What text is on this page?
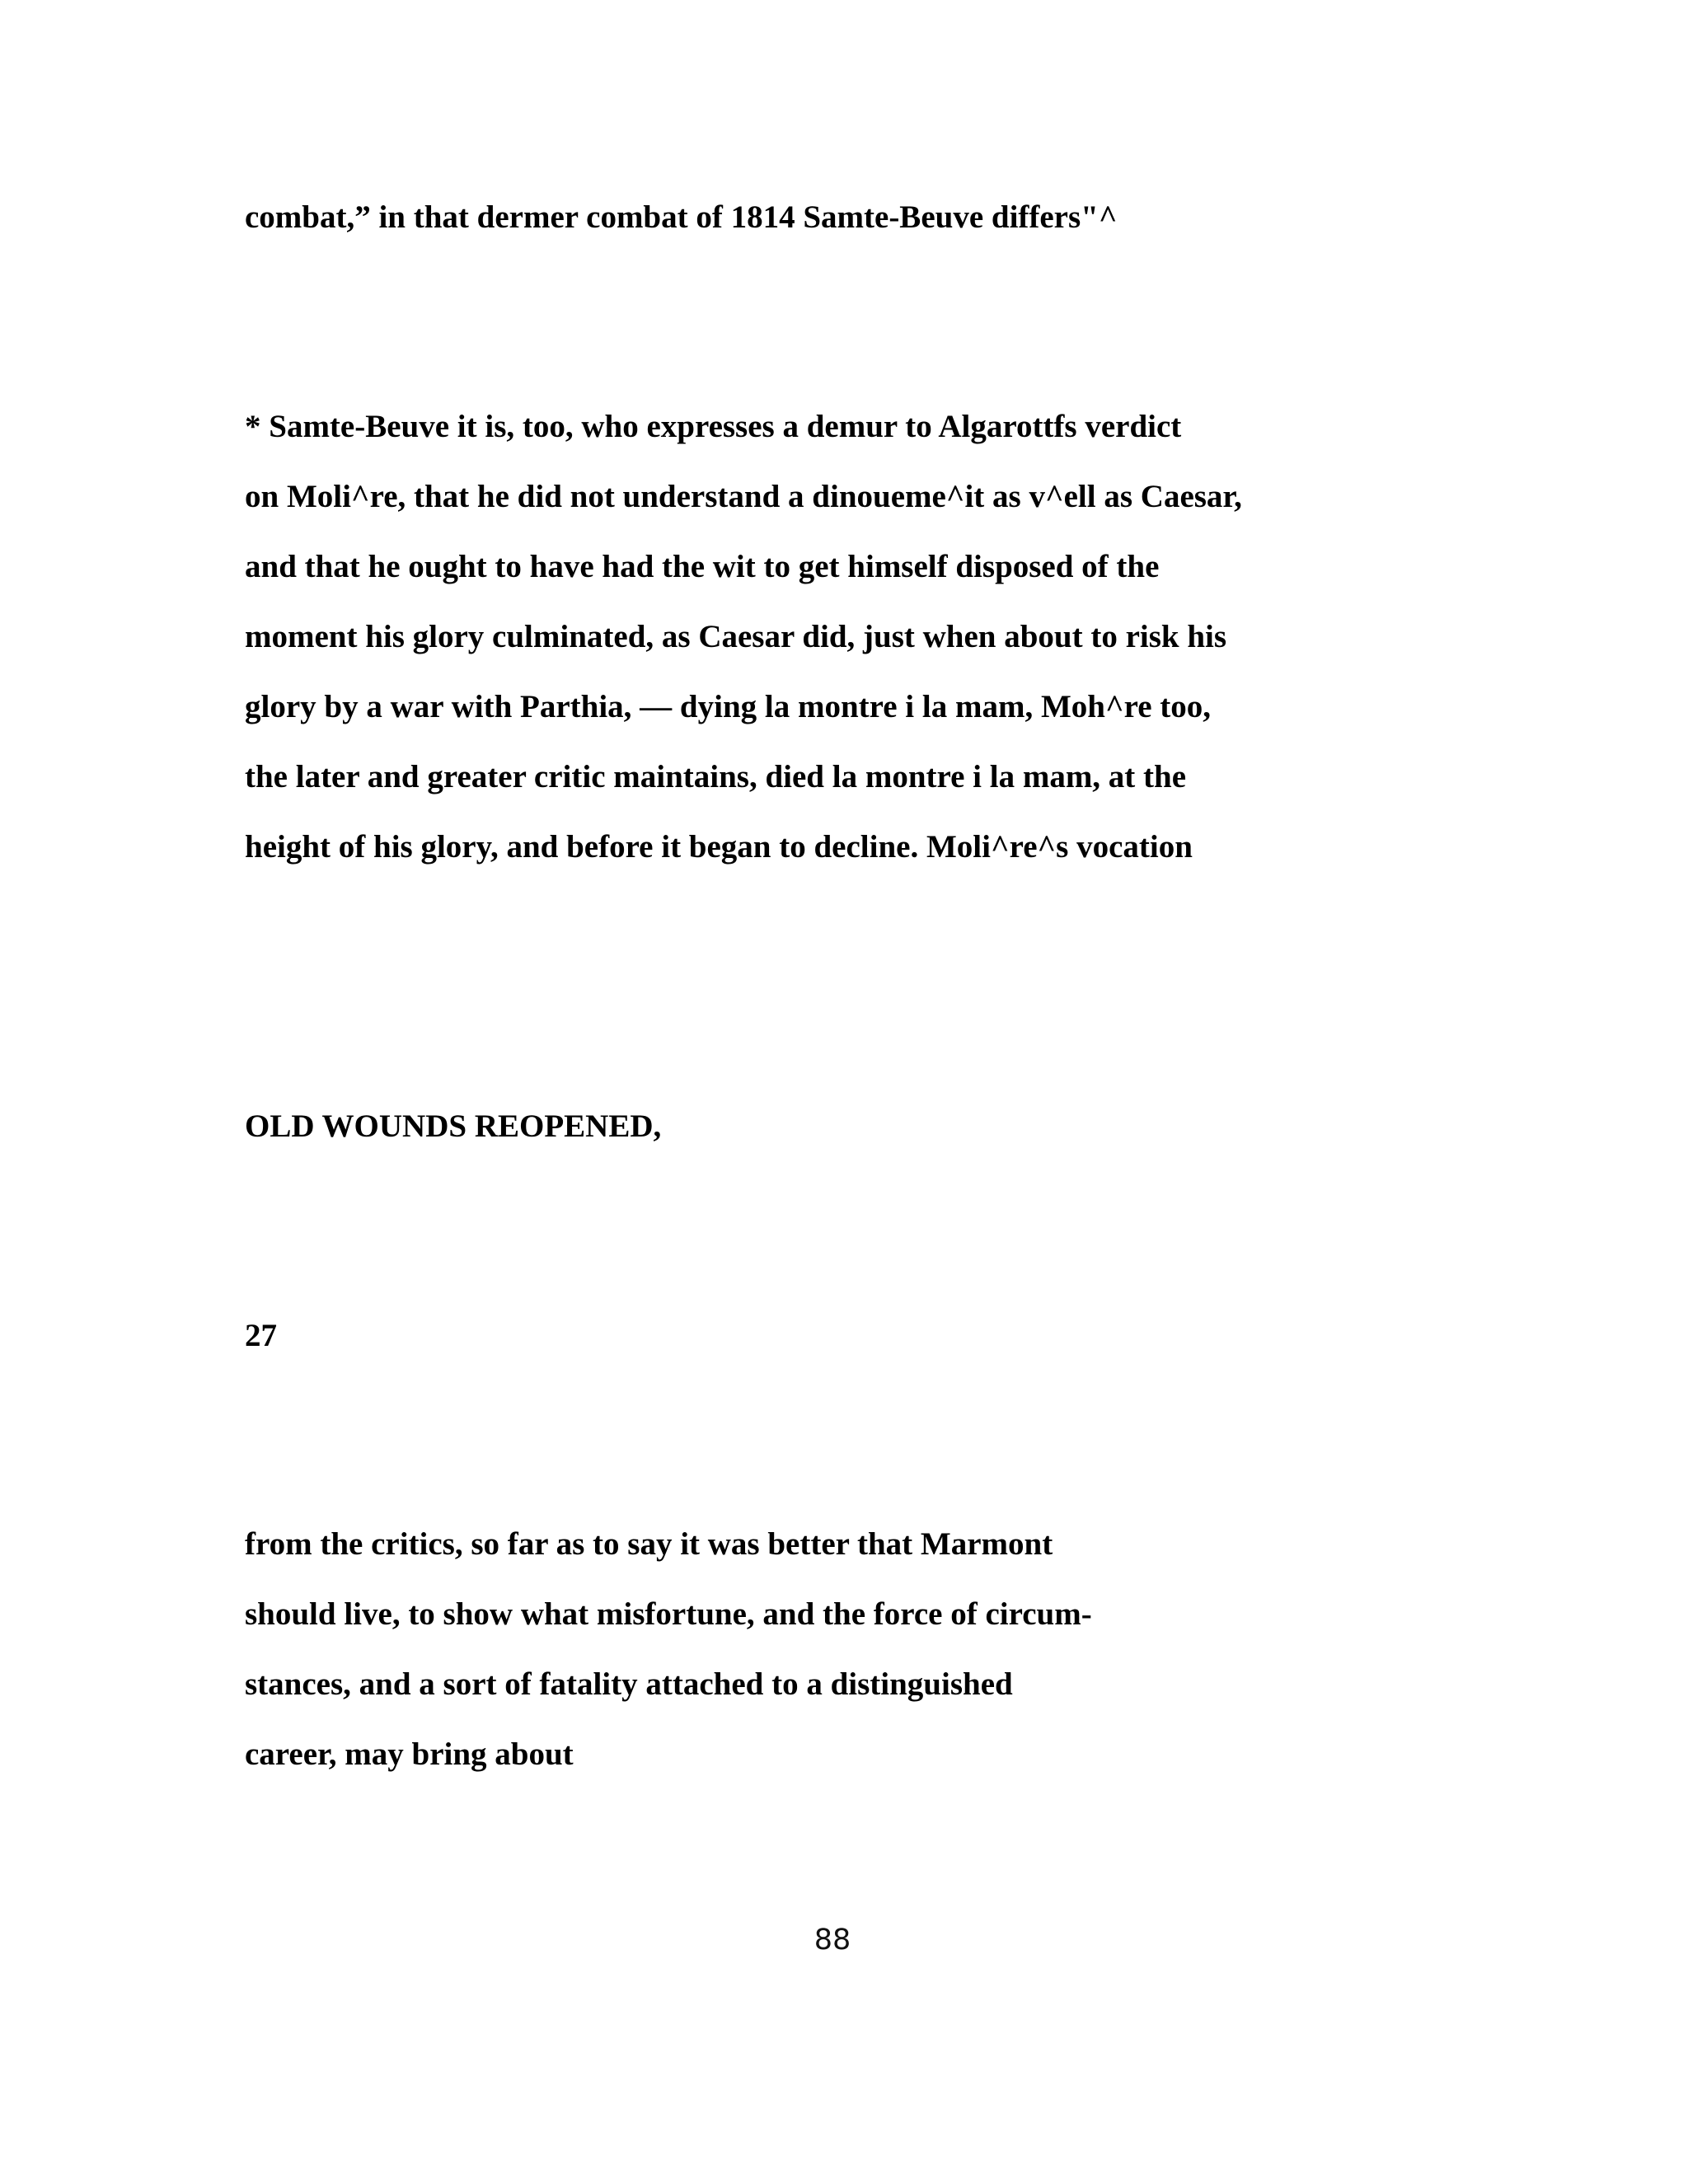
combat,” in that dermer combat of 1814 Samte-Beuve differs"^
* Samte-Beuve it is, too, who expresses a demur to Algarottfs verdict
on Moli^re, that he did not understand a dinoueme^it as v^ell as Caesar,
and that he ought to have had the wit to get himself disposed of the
moment his glory culminated, as Caesar did, just when about to risk his
glory by a war with Parthia, — dying la montre i la mam, Moh^re too,
the later and greater critic maintains, died la montre i la mam, at the
height of his glory, and before it began to decline. Moli^re^s vocation
OLD WOUNDS REOPENED,
27
from the critics, so far as to say it was better that Marmont
should live, to show what misfortune, and the force of circum-
stances, and a sort of fatality attached to a distinguished
career, may bring about
88
